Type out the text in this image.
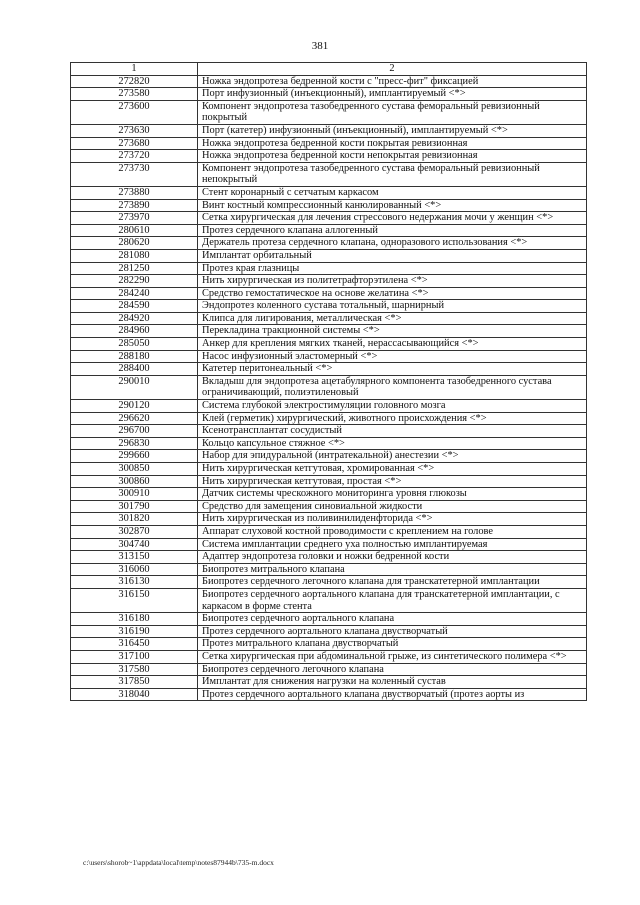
381
1	2
272820	Ножка эндопротеза бедренной кости с "пресс-фит" фиксацией
273580	Порт инфузионный (инъекционный), имплантируемый <*>
273600	Компонент эндопротеза тазобедренного сустава феморальный ревизионный покрытый
273630	Порт (катетер) инфузионный (инъекционный), имплантируемый <*>
273680	Ножка эндопротеза бедренной кости покрытая ревизионная
273720	Ножка эндопротеза бедренной кости непокрытая ревизионная
273730	Компонент эндопротеза тазобедренного сустава феморальный ревизионный непокрытый
273880	Стент коронарный с сетчатым каркасом
273890	Винт костный компрессионный канюлированный <*>
273970	Сетка хирургическая для лечения стрессового недержания мочи у женщин <*>
280610	Протез сердечного клапана аллогенный
280620	Держатель протеза сердечного клапана, одноразового использования <*>
281080	Имплантат орбитальный
281250	Протез края глазницы
282290	Нить хирургическая из политетрафторэтилена <*>
284240	Средство гемостатическое на основе желатина <*>
284590	Эндопротез коленного сустава тотальный, шарнирный
284920	Клипса для лигирования, металлическая <*>
284960	Перекладина тракционной системы <*>
285050	Анкер для крепления мягких тканей, нерассасывающийся <*>
288180	Насос инфузионный эластомерный <*>
288400	Катетер перитонеальный <*>
290010	Вкладыш для эндопротеза ацетабулярного компонента тазобедренного сустава ограничивающий, полиэтиленовый
290120	Система глубокой электростимуляции головного мозга
296620	Клей (герметик) хирургический, животного происхождения <*>
296700	Ксенотрансплантат сосудистый
296830	Кольцо капсульное стяжное <*>
299660	Набор для эпидуральной (интратекальной) анестезии <*>
300850	Нить хирургическая кетгутовая, хромированная <*>
300860	Нить хирургическая кетгутовая, простая <*>
300910	Датчик системы чрескожного мониторинга уровня глюкозы
301790	Средство для замещения синовиальной жидкости
301820	Нить хирургическая из поливинилиденфторида <*>
302870	Аппарат слуховой костной проводимости с креплением на голове
304740	Система имплантации среднего уха полностью имплантируемая
313150	Адаптер эндопротеза головки и ножки бедренной кости
316060	Биопротез митрального клапана
316130	Биопротез сердечного легочного клапана для транскатетерной имплантации
316150	Биопротез сердечного аортального клапана для транскатетерной имплантации, с каркасом в форме стента
316180	Биопротез сердечного аортального клапана
316190	Протез сердечного аортального клапана двустворчатый
316450	Протез митрального клапана двустворчатый
317100	Сетка хирургическая при абдоминальной грыже, из синтетического полимера <*>
317580	Биопротез сердечного легочного клапана
317850	Имплантат для снижения нагрузки на коленный сустав
318040	Протез сердечного аортального клапана двустворчатый (протез аорты из
c:\users\shorob~1\appdata\local\temp\notes87944b\735-m.docx
